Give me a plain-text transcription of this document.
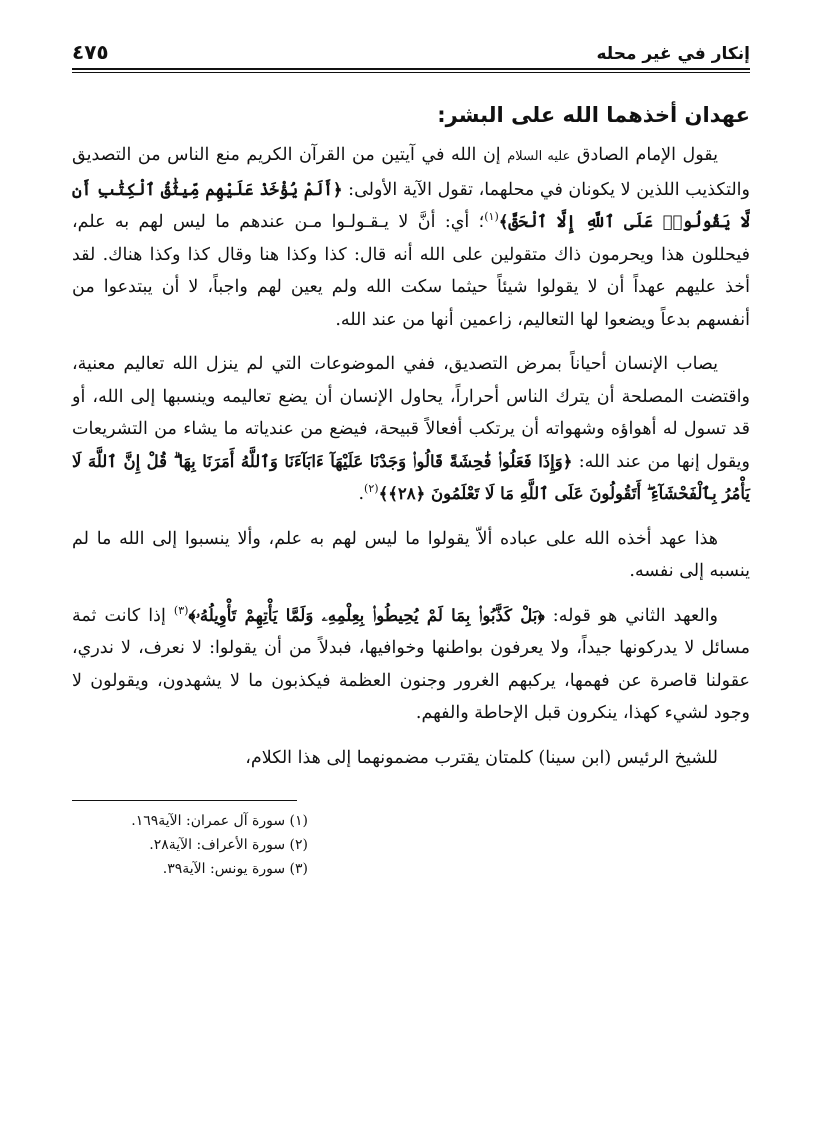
إنكار في غير محله
٤٧٥
عهدان أخذهما الله على البشر:

يقول الإمام الصادق عليه السلام إن الله في آيتين من القرآن الكريم منع الناس من التصديق والتكذيب اللذين لا يكونان في محلهما، تقول الآية الأولى: ﴿أَلَمْ يُؤْخَذْ عَلَيْهِم مِّيثَٰقُ ٱلْكِتَٰبِ أَن لَّا يَقُولُوا۟ عَلَى ٱللَّهِ إِلَّا ٱلْحَقَّ﴾$^{(١)}$؛ أي: أنَّ لا يـقـولـوا مـن عندهم ما ليس لهم به علم، فيحللون هذا ويحرمون ذاك متقولين على الله أنه قال: كذا وكذا هنا وقال كذا وكذا هناك. لقد أخذ عليهم عهداً أن لا يقولوا شيئاً حيثما سكت الله ولم يعين لهم واجباً، لا أن يبتدعوا من أنفسهم بدعاً ويضعوا لها التعاليم، زاعمين أنها من عند الله.

يصاب الإنسان أحياناً بمرض التصديق، ففي الموضوعات التي لم ينزل الله تعاليم معنية، واقتضت المصلحة أن يترك الناس أحراراً، يحاول الإنسان أن يضع تعاليمه وينسبها إلى الله، أو قد تسول له أهواؤه وشهواته أن يرتكب أفعالاً قبيحة، فيضع من عندياته ما يشاء من التشريعات ويقول إنها من عند الله: ﴿وَإِذَا فَعَلُوا۟ فَٰحِشَةً قَالُوا۟ وَجَدْنَا عَلَيْهَآ ءَابَآءَنَا وَٱللَّهُ أَمَرَنَا بِهَا ۗ قُلْ إِنَّ ٱللَّهَ لَا يَأْمُرُ بِٱلْفَحْشَآءِ ۖ أَتَقُولُونَ عَلَى ٱللَّهِ مَا لَا تَعْلَمُونَ ﴿٢٨﴾﴾$^{(٢)}$.

هذا عهد أخذه الله على عباده ألاّ يقولوا ما ليس لهم به علم، وألا ينسبوا إلى الله ما لم ينسبه إلى نفسه.

والعهد الثاني هو قوله: ﴿بَلْ كَذَّبُوا۟ بِمَا لَمْ يُحِيطُوا۟ بِعِلْمِهِۦ وَلَمَّا يَأْتِهِمْ تَأْوِيلُهُۥ﴾$^{(٣)}$ إذا كانت ثمة مسائل لا يدركونها جيداً، ولا يعرفون بواطنها وخوافيها، فبدلاً من أن يقولوا: لا نعرف، لا ندري، عقولنا قاصرة عن فهمها، يركبهم الغرور وجنون العظمة فيكذبون ما لا يشهدون، ويقولون لا وجود لشيء كهذا، ينكرون قبل الإحاطة والفهم.

للشيخ الرئيس (ابن سينا) كلمتان يقترب مضمونهما إلى هذا الكلام،

(١) سورة آل عمران: الآية١٦٩.
(٢) سورة الأعراف: الآية٢٨.
(٣) سورة يونس: الآية٣٩.
